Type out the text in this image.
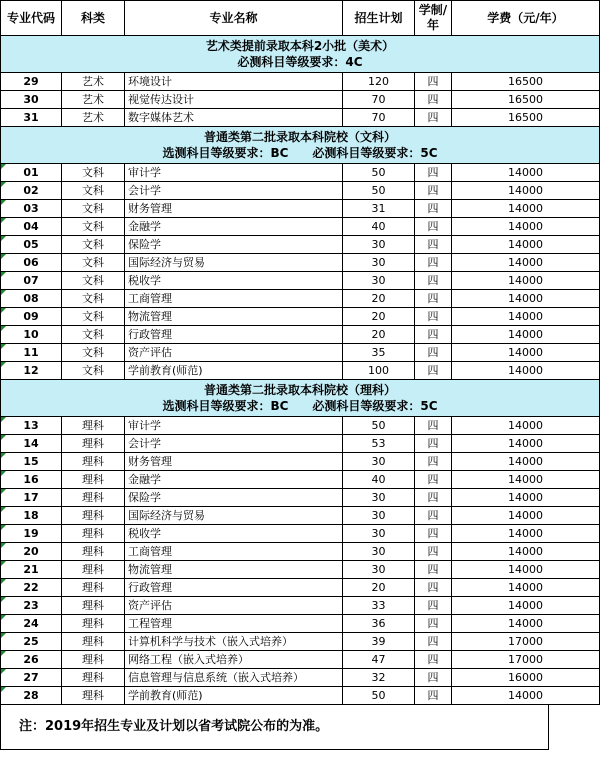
专业代码	科类	专业名称	招生计划	学制/年	学费（元/年）

艺术类提前录取本科2小批（美术）
必测科目等级要求：4C					

29	艺术	环境设计	120	四	16500
30	艺术	视觉传达设计	70	四	16500
31	艺术	数字媒体艺术	70	四	16500

普通类第二批录取本科院校（文科）
选测科目等级要求：BC　　必测科目等级要求：5C					

01	文科	审计学	50	四	14000

02	文科	会计学	50	四	14000

03	文科	财务管理	31	四	14000

04	文科	金融学	40	四	14000

05	文科	保险学	30	四	14000

06	文科	国际经济与贸易	30	四	14000

07	文科	税收学	30	四	14000

08	文科	工商管理	20	四	14000

09	文科	物流管理	20	四	14000

10	文科	行政管理	20	四	14000

11	文科	资产评估	35	四	14000

12	文科	学前教育(师范)	100	四	14000

普通类第二批录取本科院校（理科）
选测科目等级要求：BC　　必测科目等级要求：5C					

13	理科	审计学	50	四	14000

14	理科	会计学	53	四	14000

15	理科	财务管理	30	四	14000

16	理科	金融学	40	四	14000

17	理科	保险学	30	四	14000

18	理科	国际经济与贸易	30	四	14000

19	理科	税收学	30	四	14000

20	理科	工商管理	30	四	14000

21	理科	物流管理	30	四	14000

22	理科	行政管理	20	四	14000

23	理科	资产评估	33	四	14000

24	理科	工程管理	36	四	14000

25	理科	计算机科学与技术（嵌入式培养）	39	四	17000

26	理科	网络工程（嵌入式培养）	47	四	17000

27	理科	信息管理与信息系统（嵌入式培养）	32	四	16000

28	理科	学前教育(师范)	50	四	14000
注：2019年招生专业及计划以省考试院公布的为准。
